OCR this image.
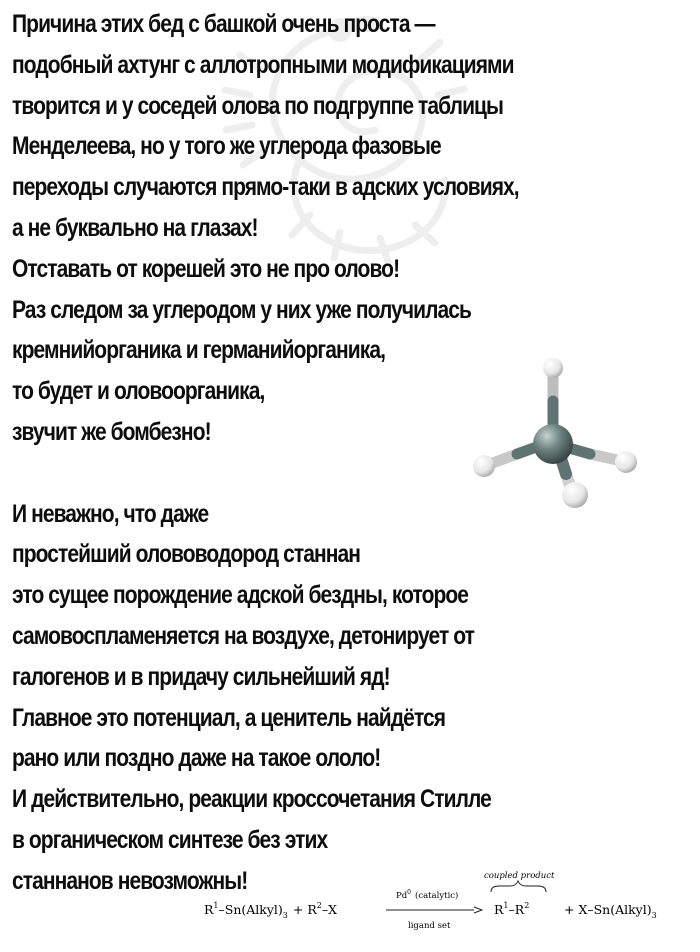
Причина этих бед с башкой очень проста —
подобный ахтунг с аллотропными модификациями
творится и у соседей олова по подгруппе таблицы
Менделеева, но у того же углерода фазовые
переходы случаются прямо-таки в адских условиях,
а не буквально на глазах!
Отставать от корешей это не про олово!
Раз следом за углеродом у них уже получилась
кремнийорганика и германийорганика,
то будет и оловоорганика,
звучит же бомбезно!
И неважно, что даже
простейший олововодород станнан
это сущее порождение адской бездны, которое
самовоспламеняется на воздухе, детонирует от
галогенов и в придачу сильнейший яд!
Главное это потенциал, а ценитель найдётся
рано или поздно даже на такое ололо!
И действительно, реакции кроссочетания Стилле
в органическом синтезе без этих
станнанов невозможны!
$R^1-Sn(Alkyl)_3 + R^2-X$
Pd$^0$ (catalytic)
ligand set
coupled product
$R^1-R^2$	+ $X-Sn(Alkyl)_3$
